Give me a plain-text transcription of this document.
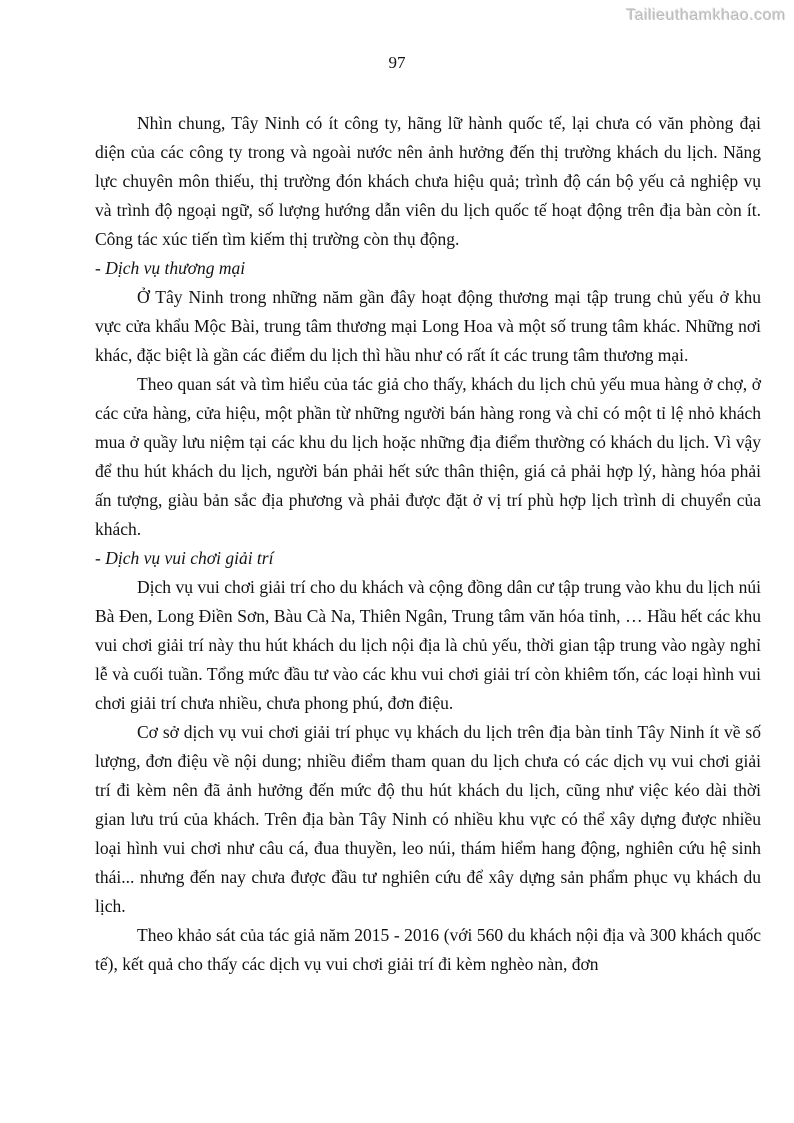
Tailieuthamkhao.com
97

Nhìn chung, Tây Ninh có ít công ty, hãng lữ hành quốc tế, lại chưa có văn phòng đại diện của các công ty trong và ngoài nước nên ảnh hưởng đến thị trường khách du lịch. Năng lực chuyên môn thiếu, thị trường đón khách chưa hiệu quả; trình độ cán bộ yếu cả nghiệp vụ và trình độ ngoại ngữ, số lượng hướng dẫn viên du lịch quốc tế hoạt động trên địa bàn còn ít. Công tác xúc tiến tìm kiếm thị trường còn thụ động.

- Dịch vụ thương mại

Ở Tây Ninh trong những năm gần đây hoạt động thương mại tập trung chủ yếu ở khu vực cửa khẩu Mộc Bài, trung tâm thương mại Long Hoa và một số trung tâm khác. Những nơi khác, đặc biệt là gần các điểm du lịch thì hầu như có rất ít các trung tâm thương mại.

Theo quan sát và tìm hiểu của tác giả cho thấy, khách du lịch chủ yếu mua hàng ở chợ, ở các cửa hàng, cửa hiệu, một phần từ những người bán hàng rong và chỉ có một tỉ lệ nhỏ khách mua ở quầy lưu niệm tại các khu du lịch hoặc những địa điểm thường có khách du lịch. Vì vậy để thu hút khách du lịch, người bán phải hết sức thân thiện, giá cả phải hợp lý, hàng hóa phải ấn tượng, giàu bản sắc địa phương và phải được đặt ở vị trí phù hợp lịch trình di chuyển của khách.

- Dịch vụ vui chơi giải trí

Dịch vụ vui chơi giải trí cho du khách và cộng đồng dân cư tập trung vào khu du lịch núi Bà Đen, Long Điền Sơn, Bàu Cà Na, Thiên Ngân, Trung tâm văn hóa tỉnh, … Hầu hết các khu vui chơi giải trí này thu hút khách du lịch nội địa là chủ yếu, thời gian tập trung vào ngày nghỉ lễ và cuối tuần. Tổng mức đầu tư vào các khu vui chơi giải trí còn khiêm tốn, các loại hình vui chơi giải trí chưa nhiều, chưa phong phú, đơn điệu.

Cơ sở dịch vụ vui chơi giải trí phục vụ khách du lịch trên địa bàn tỉnh Tây Ninh ít về số lượng, đơn điệu về nội dung; nhiều điểm tham quan du lịch chưa có các dịch vụ vui chơi giải trí đi kèm nên đã ảnh hưởng đến mức độ thu hút khách du lịch, cũng như việc kéo dài thời gian lưu trú của khách. Trên địa bàn Tây Ninh có nhiều khu vực có thể xây dựng được nhiều loại hình vui chơi như câu cá, đua thuyền, leo núi, thám hiểm hang động, nghiên cứu hệ sinh thái... nhưng đến nay chưa được đầu tư nghiên cứu để xây dựng sản phẩm phục vụ khách du lịch.

Theo khảo sát của tác giả năm 2015 - 2016 (với 560 du khách nội địa và 300 khách quốc tế), kết quả cho thấy các dịch vụ vui chơi giải trí đi kèm nghèo nàn, đơn
